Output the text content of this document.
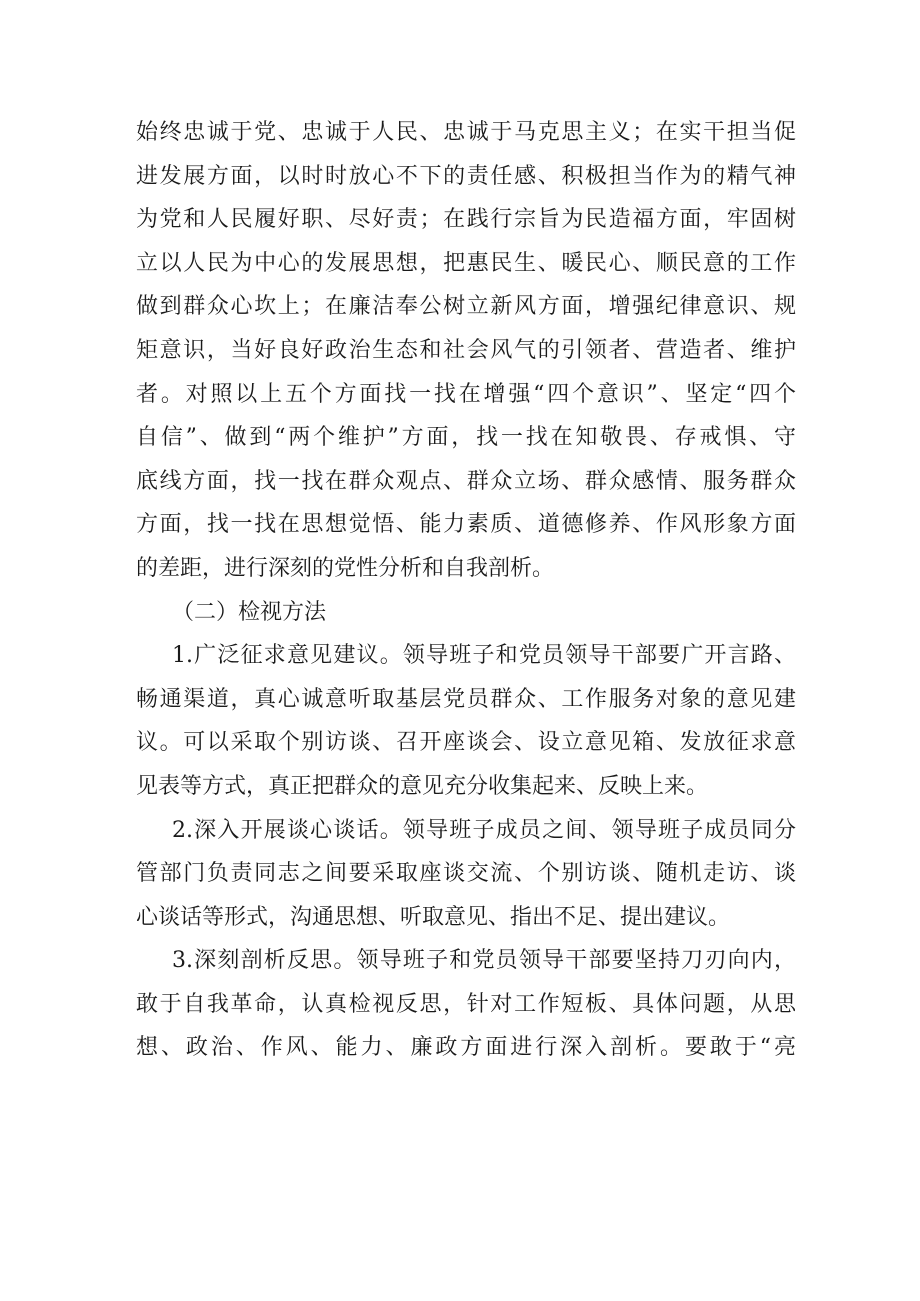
始终忠诚于党、忠诚于人民、忠诚于马克思主义；在实干担当促
进发展方面，以时时放心不下的责任感、积极担当作为的精气神
为党和人民履好职、尽好责；在践行宗旨为民造福方面，牢固树
立以人民为中心的发展思想，把惠民生、暖民心、顺民意的工作
做到群众心坎上；在廉洁奉公树立新风方面，增强纪律意识、规
矩意识，当好良好政治生态和社会风气的引领者、营造者、维护
者。对照以上五个方面找一找在增强“四个意识”、坚定“四个
自信”、做到“两个维护”方面，找一找在知敬畏、存戒惧、守
底线方面，找一找在群众观点、群众立场、群众感情、服务群众
方面，找一找在思想觉悟、能力素质、道德修养、作风形象方面
的差距，进行深刻的党性分析和自我剖析。
（二）检视方法
1.广泛征求意见建议。领导班子和党员领导干部要广开言路、
畅通渠道，真心诚意听取基层党员群众、工作服务对象的意见建
议。可以采取个别访谈、召开座谈会、设立意见箱、发放征求意
见表等方式，真正把群众的意见充分收集起来、反映上来。
2.深入开展谈心谈话。领导班子成员之间、领导班子成员同分
管部门负责同志之间要采取座谈交流、个别访谈、随机走访、谈
心谈话等形式，沟通思想、听取意见、指出不足、提出建议。
3.深刻剖析反思。领导班子和党员领导干部要坚持刀刃向内，
敢于自我革命，认真检视反思，针对工作短板、具体问题，从思
想、政治、作风、能力、廉政方面进行深入剖析。要敢于“亮
